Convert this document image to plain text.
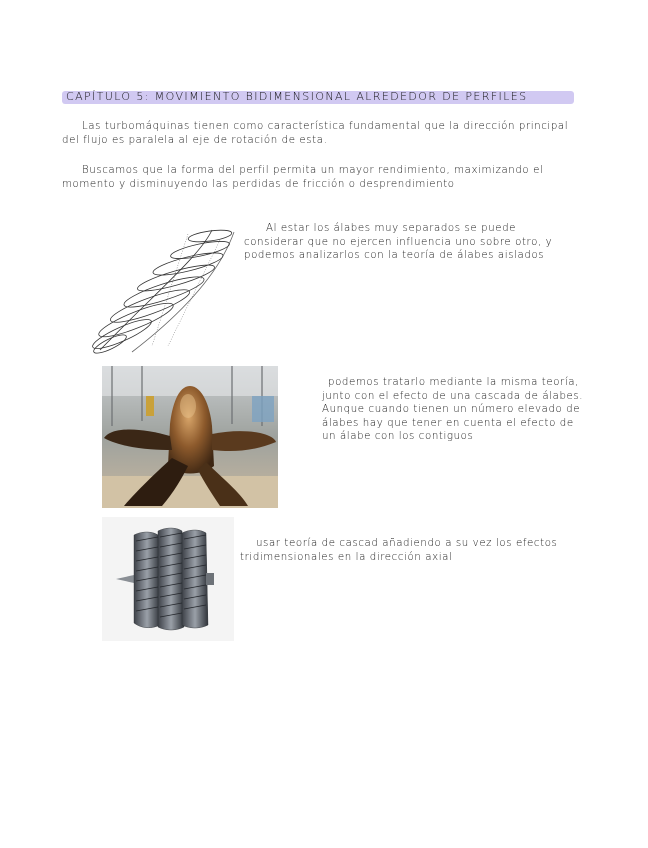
CAPÍTULO 5: MOVIMIENTO BIDIMENSIONAL ALREDEDOR DE PERFILES
Las turbomáquinas tienen como característica fundamental que la dirección principal del flujo es paralela al eje de rotación de esta.
Buscamos que la forma del perfil permita un mayor rendimiento, maximizando el momento y disminuyendo las perdidas de fricción o desprendimiento
Al estar los álabes muy separados se puede considerar que no ejercen influencia uno sobre otro, y podemos analizarlos con la teoría de álabes aislados
podemos tratarlo mediante la misma teoría, junto con el efecto de una cascada de álabes. Aunque cuando tienen un número elevado de álabes hay que tener en cuenta el efecto de un álabe con los contiguos
usar teoría de cascad añadiendo a su vez los efectos tridimensionales en la dirección axial
